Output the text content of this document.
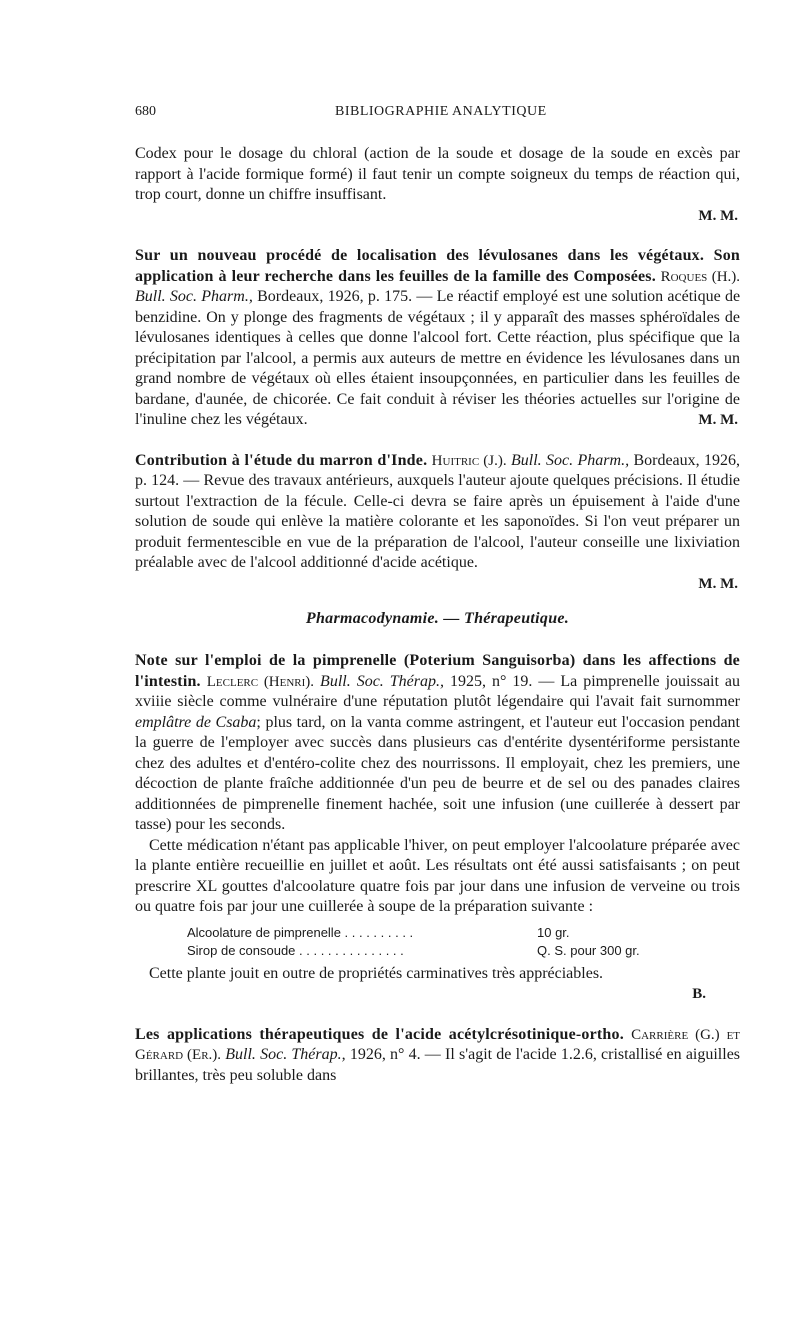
680	BIBLIOGRAPHIE ANALYTIQUE

Codex pour le dosage du chloral (action de la soude et dosage de la soude en excès par rapport à l'acide formique formé) il faut tenir un compte soigneux du temps de réaction qui, trop court, donne un chiffre insuffisant.

M. M.

Sur un nouveau procédé de localisation des lévulosanes dans les végétaux. Son application à leur recherche dans les feuilles de la famille des Composées. Roques (H.). Bull. Soc. Pharm., Bordeaux, 1926, p. 175. — Le réactif employé est une solution acétique de benzidine. On y plonge des fragments de végétaux ; il y apparaît des masses sphéroïdales de lévulosanes identiques à celles que donne l'alcool fort. Cette réaction, plus spécifique que la précipitation par l'alcool, a permis aux auteurs de mettre en évidence les lévulosanes dans un grand nombre de végétaux où elles étaient insoupçonnées, en particulier dans les feuilles de bardane, d'aunée, de chicorée. Ce fait conduit à réviser les théories actuelles sur l'origine de l'inuline chez les végétaux.	M. M.

Contribution à l'étude du marron d'Inde. Huitric (J.). Bull. Soc. Pharm., Bordeaux, 1926, p. 124. — Revue des travaux antérieurs, auxquels l'auteur ajoute quelques précisions. Il étudie surtout l'extraction de la fécule. Celle-ci devra se faire après un épuisement à l'aide d'une solution de soude qui enlève la matière colorante et les saponoïdes. Si l'on veut préparer un produit fermentescible en vue de la préparation de l'alcool, l'auteur conseille une lixiviation préalable avec de l'alcool additionné d'acide acétique.

M. M.
Pharmacodynamie. — Thérapeutique.

Note sur l'emploi de la pimprenelle (Poterium Sanguisorba) dans les affections de l'intestin. Leclerc (Henri). Bull. Soc. Thérap., 1925, n° 19. — La pimprenelle jouissait au xviiie siècle comme vulnéraire d'une réputation plutôt légendaire qui l'avait fait surnommer emplâtre de Csaba; plus tard, on la vanta comme astringent, et l'auteur eut l'occasion pendant la guerre de l'employer avec succès dans plusieurs cas d'entérite dysentériforme persistante chez des adultes et d'entéro-colite chez des nourrissons. Il employait, chez les premiers, une décoction de plante fraîche additionnée d'un peu de beurre et de sel ou des panades claires additionnées de pimprenelle finement hachée, soit une infusion (une cuillerée à dessert par tasse) pour les seconds.

Cette médication n'étant pas applicable l'hiver, on peut employer l'alcoolature préparée avec la plante entière recueillie en juillet et août. Les résultats ont été aussi satisfaisants ; on peut prescrire XL gouttes d'alcoolature quatre fois par jour dans une infusion de verveine ou trois ou quatre fois par jour une cuillerée à soupe de la préparation suivante :

Alcoolature de pimprenelle . . . . . . . . . .	10 gr.
Sirop de consoude . . . . . . . . . . . . . . .	Q. S. pour 300 gr.

Cette plante jouit en outre de propriétés carminatives très appréciables.

B.

Les applications thérapeutiques de l'acide acétylcrésotinique-ortho. Carrière (G.) et Gérard (Er.). Bull. Soc. Thérap., 1926, n° 4. — Il s'agit de l'acide 1.2.6, cristallisé en aiguilles brillantes, très peu soluble dans
